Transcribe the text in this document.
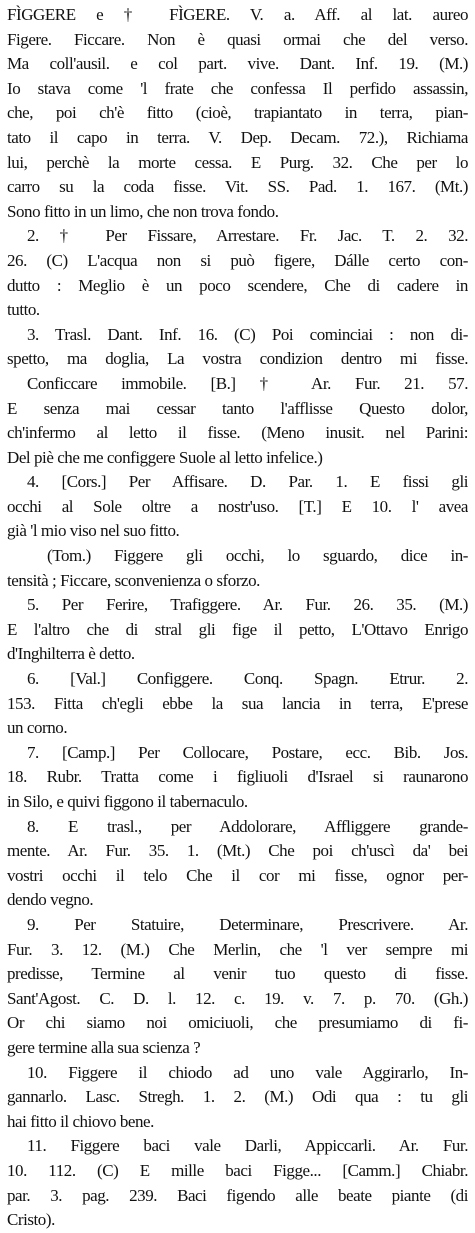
FÌGGERE e † FÌGERE. V. a. Aff. al lat. aureo
Figere. Ficcare. Non è quasi ormai che del verso.
Ma coll'ausil. e col part. vive. Dant. Inf. 19. (M.)
Io stava come 'l frate che confessa Il perfido assassin,
che, poi ch'è fitto (cioè, trapiantato in terra, pian-
tato il capo in terra. V. Dep. Decam. 72.), Richiama
lui, perchè la morte cessa. E Purg. 32. Che per lo
carro su la coda fisse. Vit. SS. Pad. 1. 167. (Mt.)
Sono fitto in un limo, che non trova fondo.
2. † Per Fissare, Arrestare. Fr. Jac. T. 2. 32.
26. (C) L'acqua non si può figere, Dálle certo con-
dutto : Meglio è un poco scendere, Che di cadere in
tutto.
3. Trasl. Dant. Inf. 16. (C) Poi cominciai : non di-
spetto, ma doglia, La vostra condizion dentro mi fisse.
Conficcare immobile. [B.] † Ar. Fur. 21. 57.
E senza mai cessar tanto l'afflisse Questo dolor,
ch'infermo al letto il fisse. (Meno inusit. nel Parini:
Del piè che me configgere Suole al letto infelice.)
4. [Cors.] Per Affisare. D. Par. 1. E fissi gli
occhi al Sole oltre a nostr'uso. [T.] E 10. l' avea
già 'l mio viso nel suo fitto.
(Tom.) Figgere gli occhi, lo sguardo, dice in-
tensità ; Ficcare, sconvenienza o sforzo.
5. Per Ferire, Trafiggere. Ar. Fur. 26. 35. (M.)
E l'altro che di stral gli fige il petto, L'Ottavo Enrigo
d'Inghilterra è detto.
6. [Val.] Configgere. Conq. Spagn. Etrur. 2.
153. Fitta ch'egli ebbe la sua lancia in terra, E'prese
un corno.
7. [Camp.] Per Collocare, Postare, ecc. Bib. Jos.
18. Rubr. Tratta come i figliuoli d'Israel si raunarono
in Silo, e quivi figgono il tabernaculo.
8. E trasl., per Addolorare, Affliggere grande-
mente. Ar. Fur. 35. 1. (Mt.) Che poi ch'uscì da' bei
vostri occhi il telo Che il cor mi fisse, ognor per-
dendo vegno.
9. Per Statuire, Determinare, Prescrivere. Ar.
Fur. 3. 12. (M.) Che Merlin, che 'l ver sempre mi
predisse, Termine al venir tuo questo di fisse.
Sant'Agost. C. D. l. 12. c. 19. v. 7. p. 70. (Gh.)
Or chi siamo noi omiciuoli, che presumiamo di fi-
gere termine alla sua scienza ?
10. Figgere il chiodo ad uno vale Aggirarlo, In-
gannarlo. Lasc. Stregh. 1. 2. (M.) Odi qua : tu gli
hai fitto il chiovo bene.
11. Figgere baci vale Darli, Appiccarli. Ar. Fur.
10. 112. (C) E mille baci Figge... [Camm.] Chiabr.
par. 3. pag. 239. Baci figendo alle beate piante (di
Cristo).
